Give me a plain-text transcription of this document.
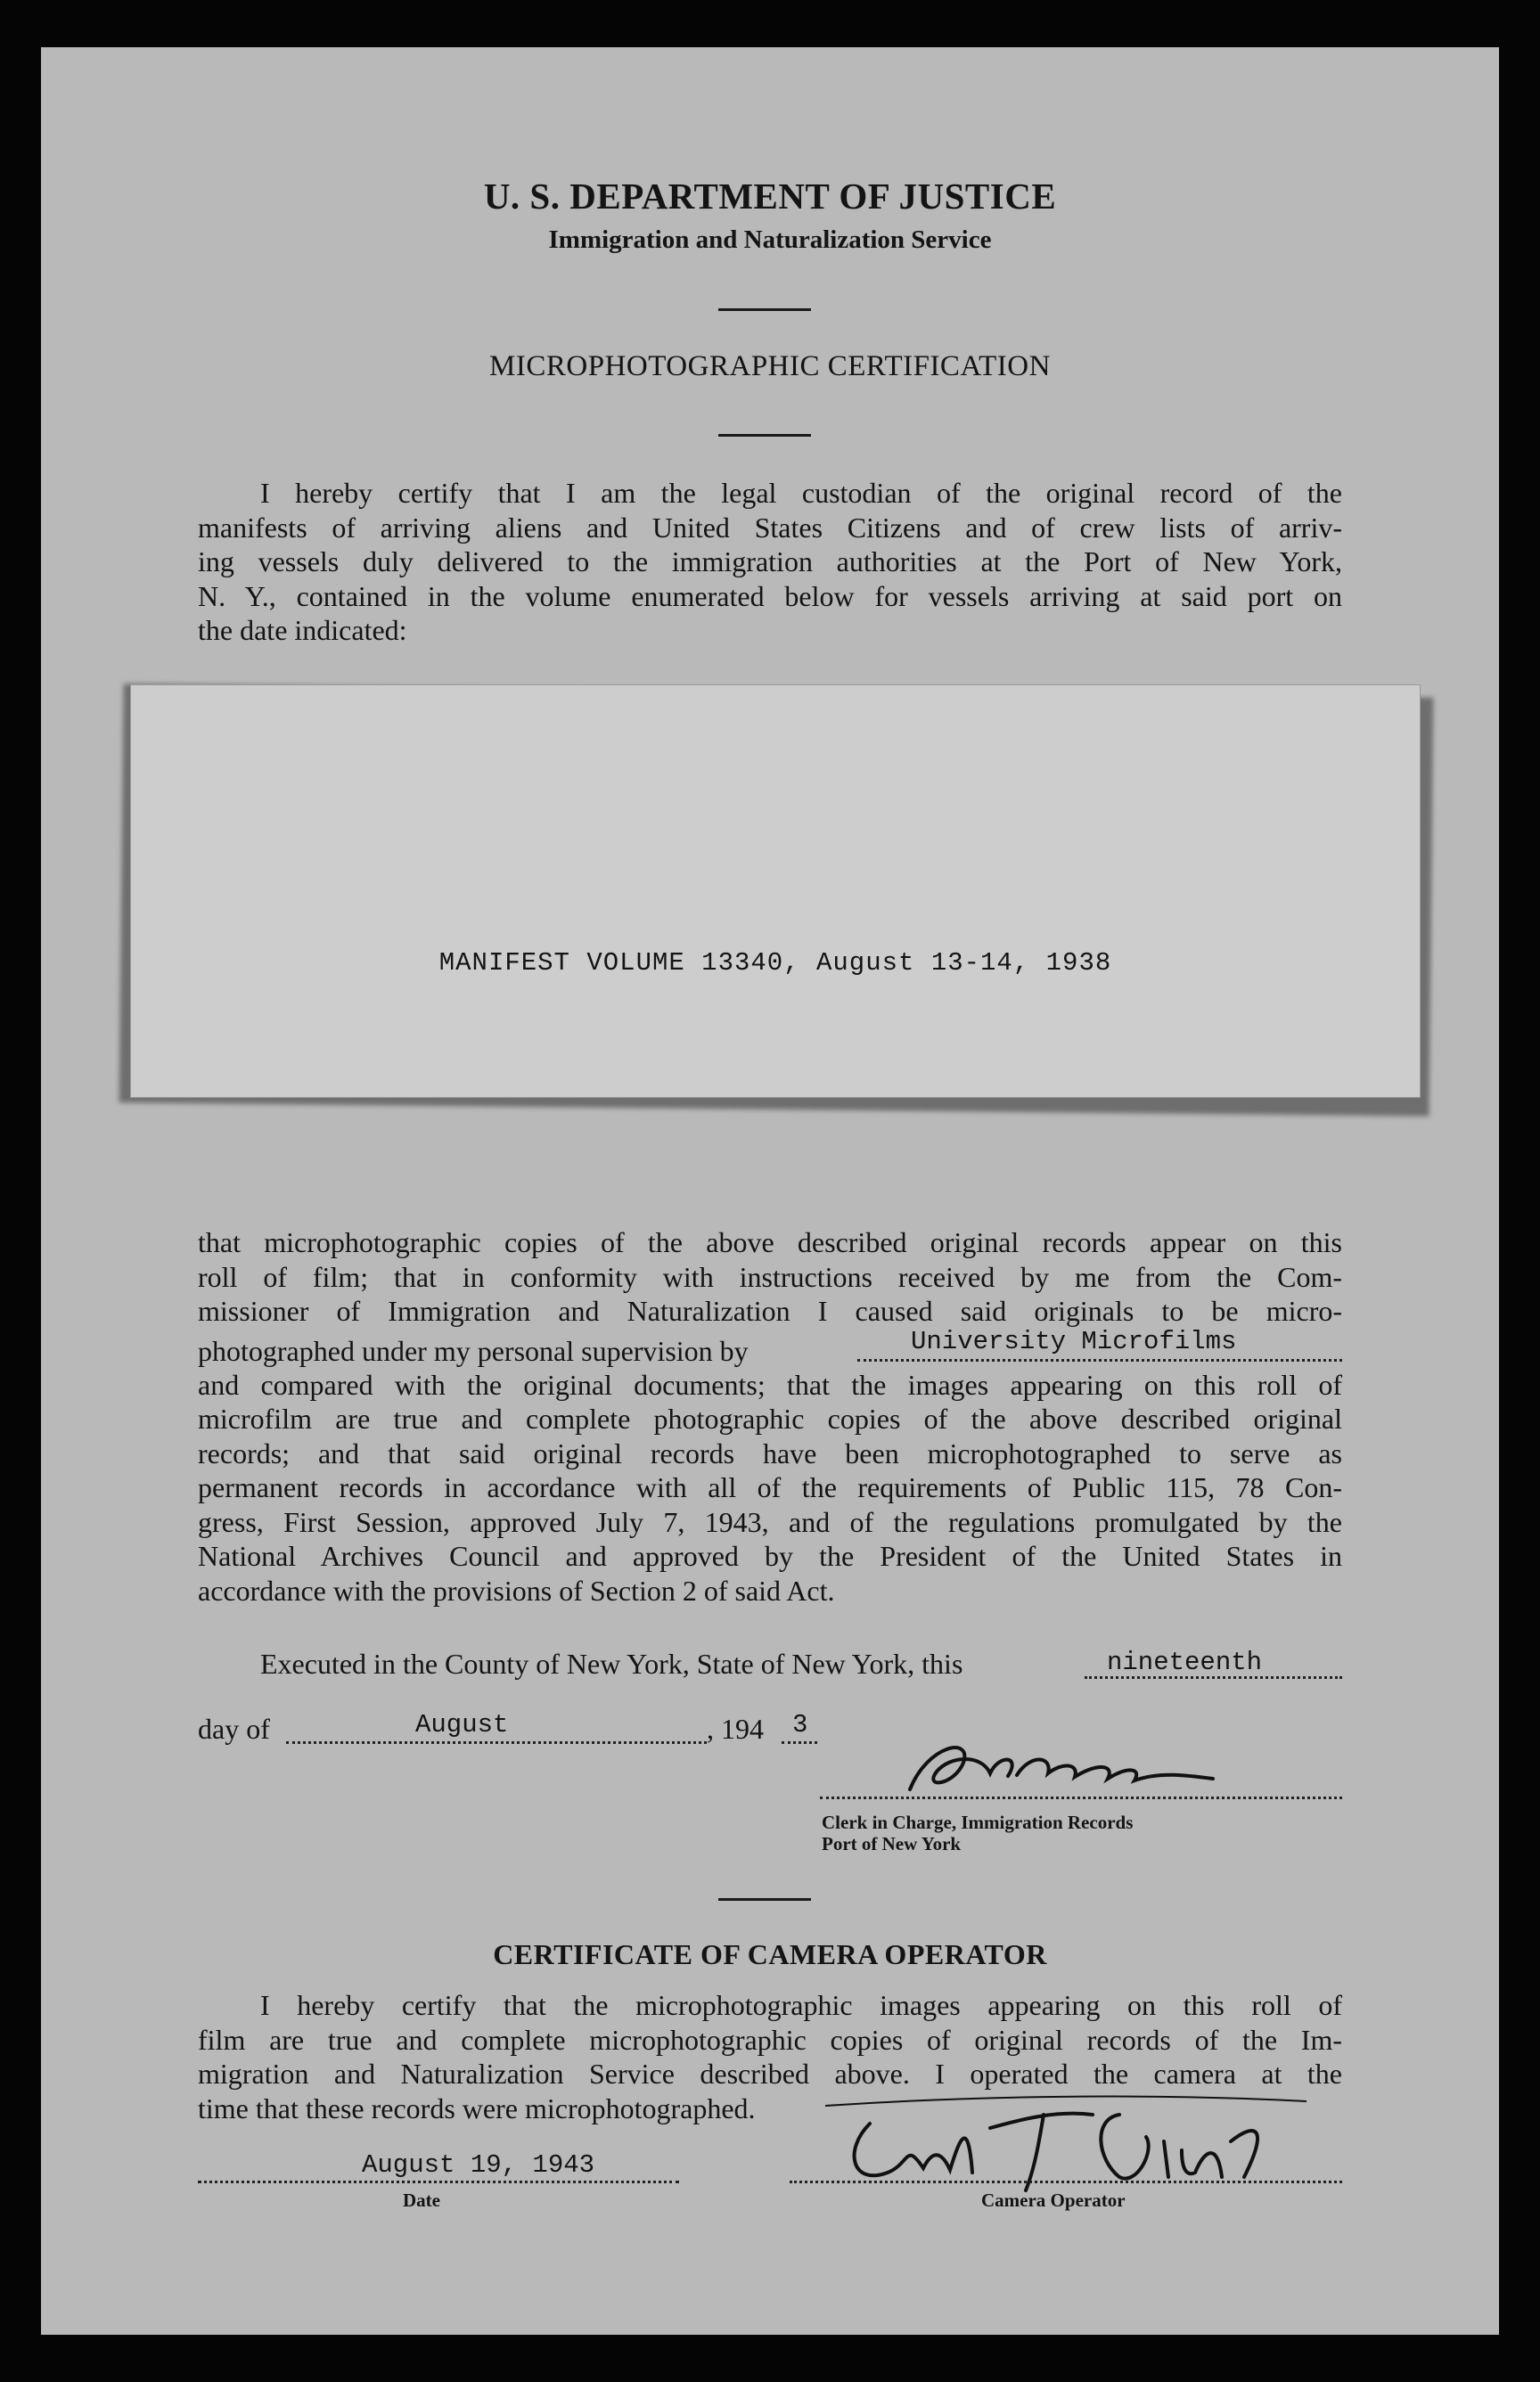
U. S. DEPARTMENT OF JUSTICE
Immigration and Naturalization Service
MICROPHOTOGRAPHIC CERTIFICATION
I hereby certify that I am the legal custodian of the original record of the
manifests of arriving aliens and United States Citizens and of crew lists of arriv-
ing vessels duly delivered to the immigration authorities at the Port of New York,
N. Y., contained in the volume enumerated below for vessels arriving at said port on
the date indicated:
MANIFEST VOLUME 13340, August 13-14, 1938
that microphotographic copies of the above described original records appear on this
roll of film; that in conformity with instructions received by me from the Com-
missioner of Immigration and Naturalization I caused said originals to be micro-
photographed under my personal supervision by	University Microfilms
and compared with the original documents; that the images appearing on this roll of
microfilm are true and complete photographic copies of the above described original
records; and that said original records have been microphotographed to serve as
permanent records in accordance with all of the requirements of Public 115, 78 Con-
gress, First Session, approved July 7, 1943, and of the regulations promulgated by the
National Archives Council and approved by the President of the United States in
accordance with the provisions of Section 2 of said Act.
Executed in the County of New York, State of New York, this	nineteenth
day of	August	, 194 3
Clerk in Charge, Immigration Records
Port of New York
CERTIFICATE OF CAMERA OPERATOR
I hereby certify that the microphotographic images appearing on this roll of
film are true and complete microphotographic copies of original records of the Im-
migration and Naturalization Service described above. I operated the camera at the
time that these records were microphotographed.
August 19, 1943
Date	Camera Operator
